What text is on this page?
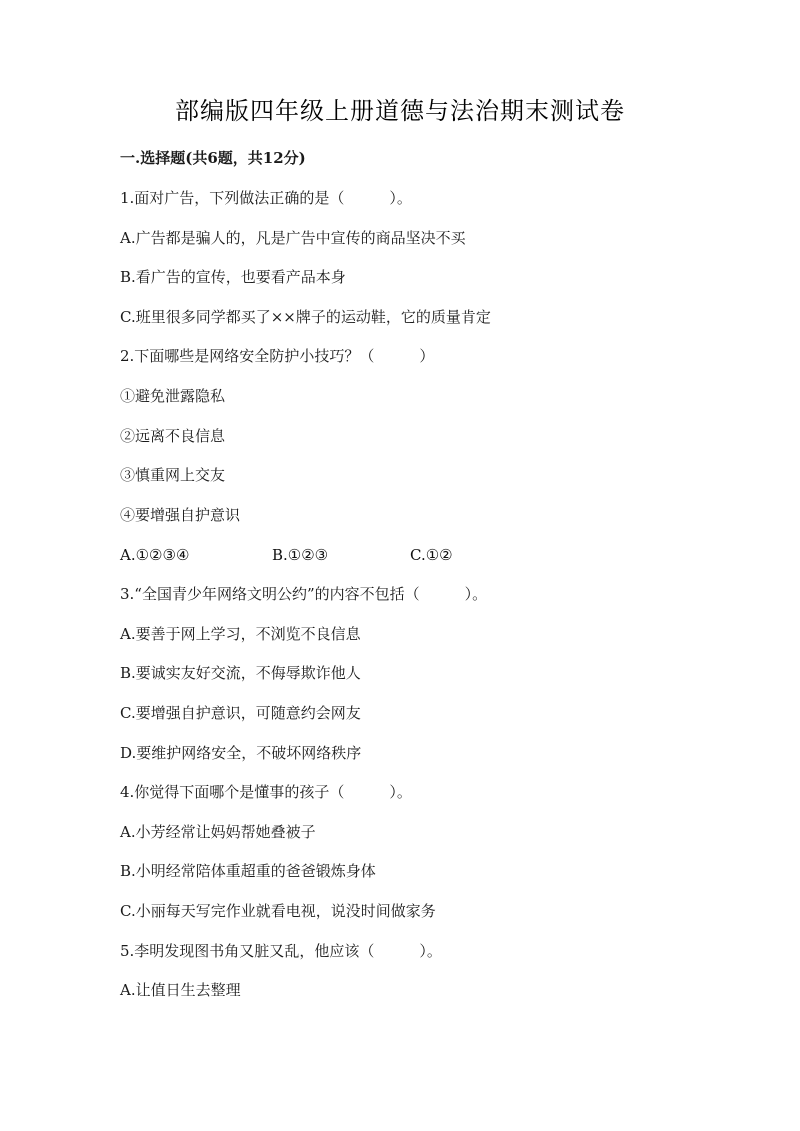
部编版四年级上册道德与法治期末测试卷
一.选择题(共6题，共12分)
1.面对广告，下列做法正确的是（　　　）。
A.广告都是骗人的，凡是广告中宣传的商品坚决不买
B.看广告的宣传，也要看产品本身
C.班里很多同学都买了××牌子的运动鞋，它的质量肯定
2.下面哪些是网络安全防护小技巧？（　　　）
①避免泄露隐私
②远离不良信息
③慎重网上交友
④要增强自护意识
A.①②③④	B.①②③	C.①②
3.“全国青少年网络文明公约”的内容不包括（　　　）。
A.要善于网上学习，不浏览不良信息
B.要诚实友好交流，不侮辱欺诈他人
C.要增强自护意识，可随意约会网友
D.要维护网络安全，不破坏网络秩序
4.你觉得下面哪个是懂事的孩子（　　　）。
A.小芳经常让妈妈帮她叠被子
B.小明经常陪体重超重的爸爸锻炼身体
C.小丽每天写完作业就看电视，说没时间做家务
5.李明发现图书角又脏又乱，他应该（　　　）。
A.让值日生去整理
